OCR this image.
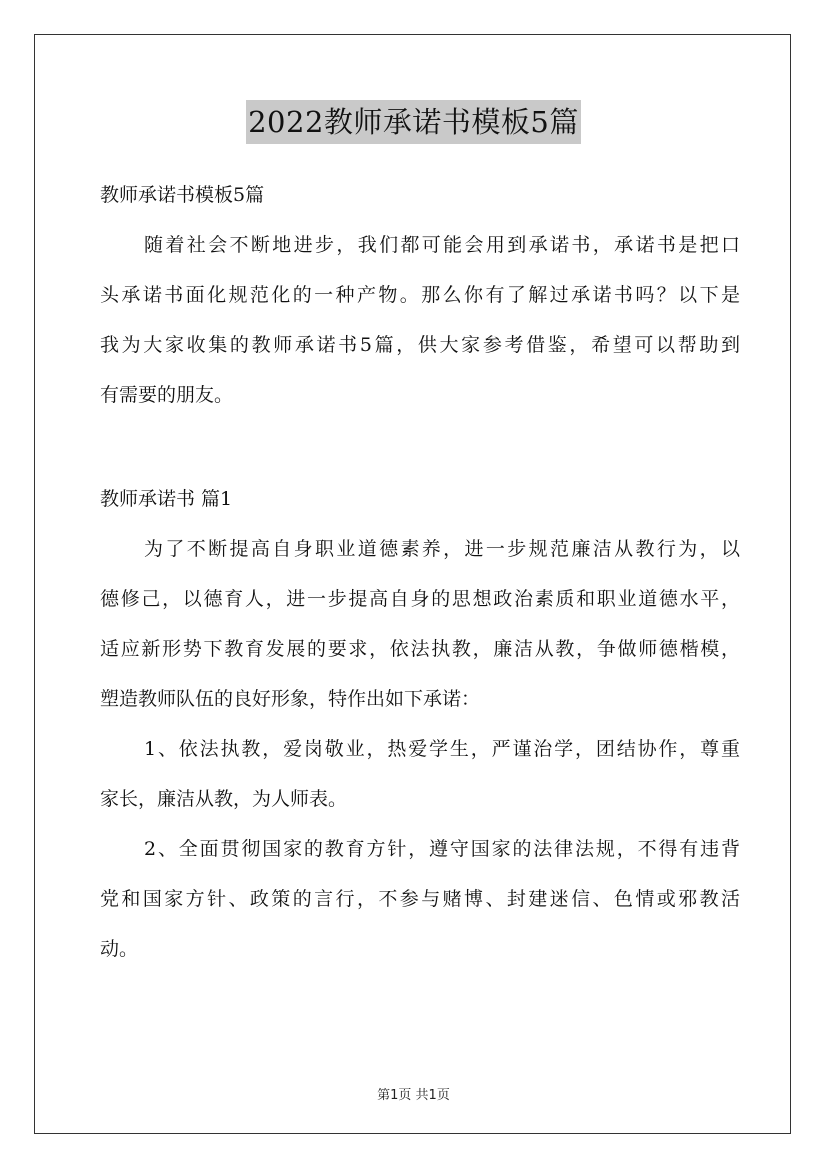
2022教师承诺书模板5篇
教师承诺书模板5篇
随着社会不断地进步，我们都可能会用到承诺书，承诺书是把口
头承诺书面化规范化的一种产物。那么你有了解过承诺书吗？以下是
我为大家收集的教师承诺书5篇，供大家参考借鉴，希望可以帮助到
有需要的朋友。
教师承诺书 篇1
为了不断提高自身职业道德素养，进一步规范廉洁从教行为，以
德修己，以德育人，进一步提高自身的思想政治素质和职业道德水平，
适应新形势下教育发展的要求，依法执教，廉洁从教，争做师德楷模，
塑造教师队伍的良好形象，特作出如下承诺：
1、依法执教，爱岗敬业，热爱学生，严谨治学，团结协作，尊重
家长，廉洁从教，为人师表。
2、全面贯彻国家的教育方针，遵守国家的法律法规，不得有违背
党和国家方针、政策的言行，不参与赌博、封建迷信、色情或邪教活
动。
第1页 共1页
